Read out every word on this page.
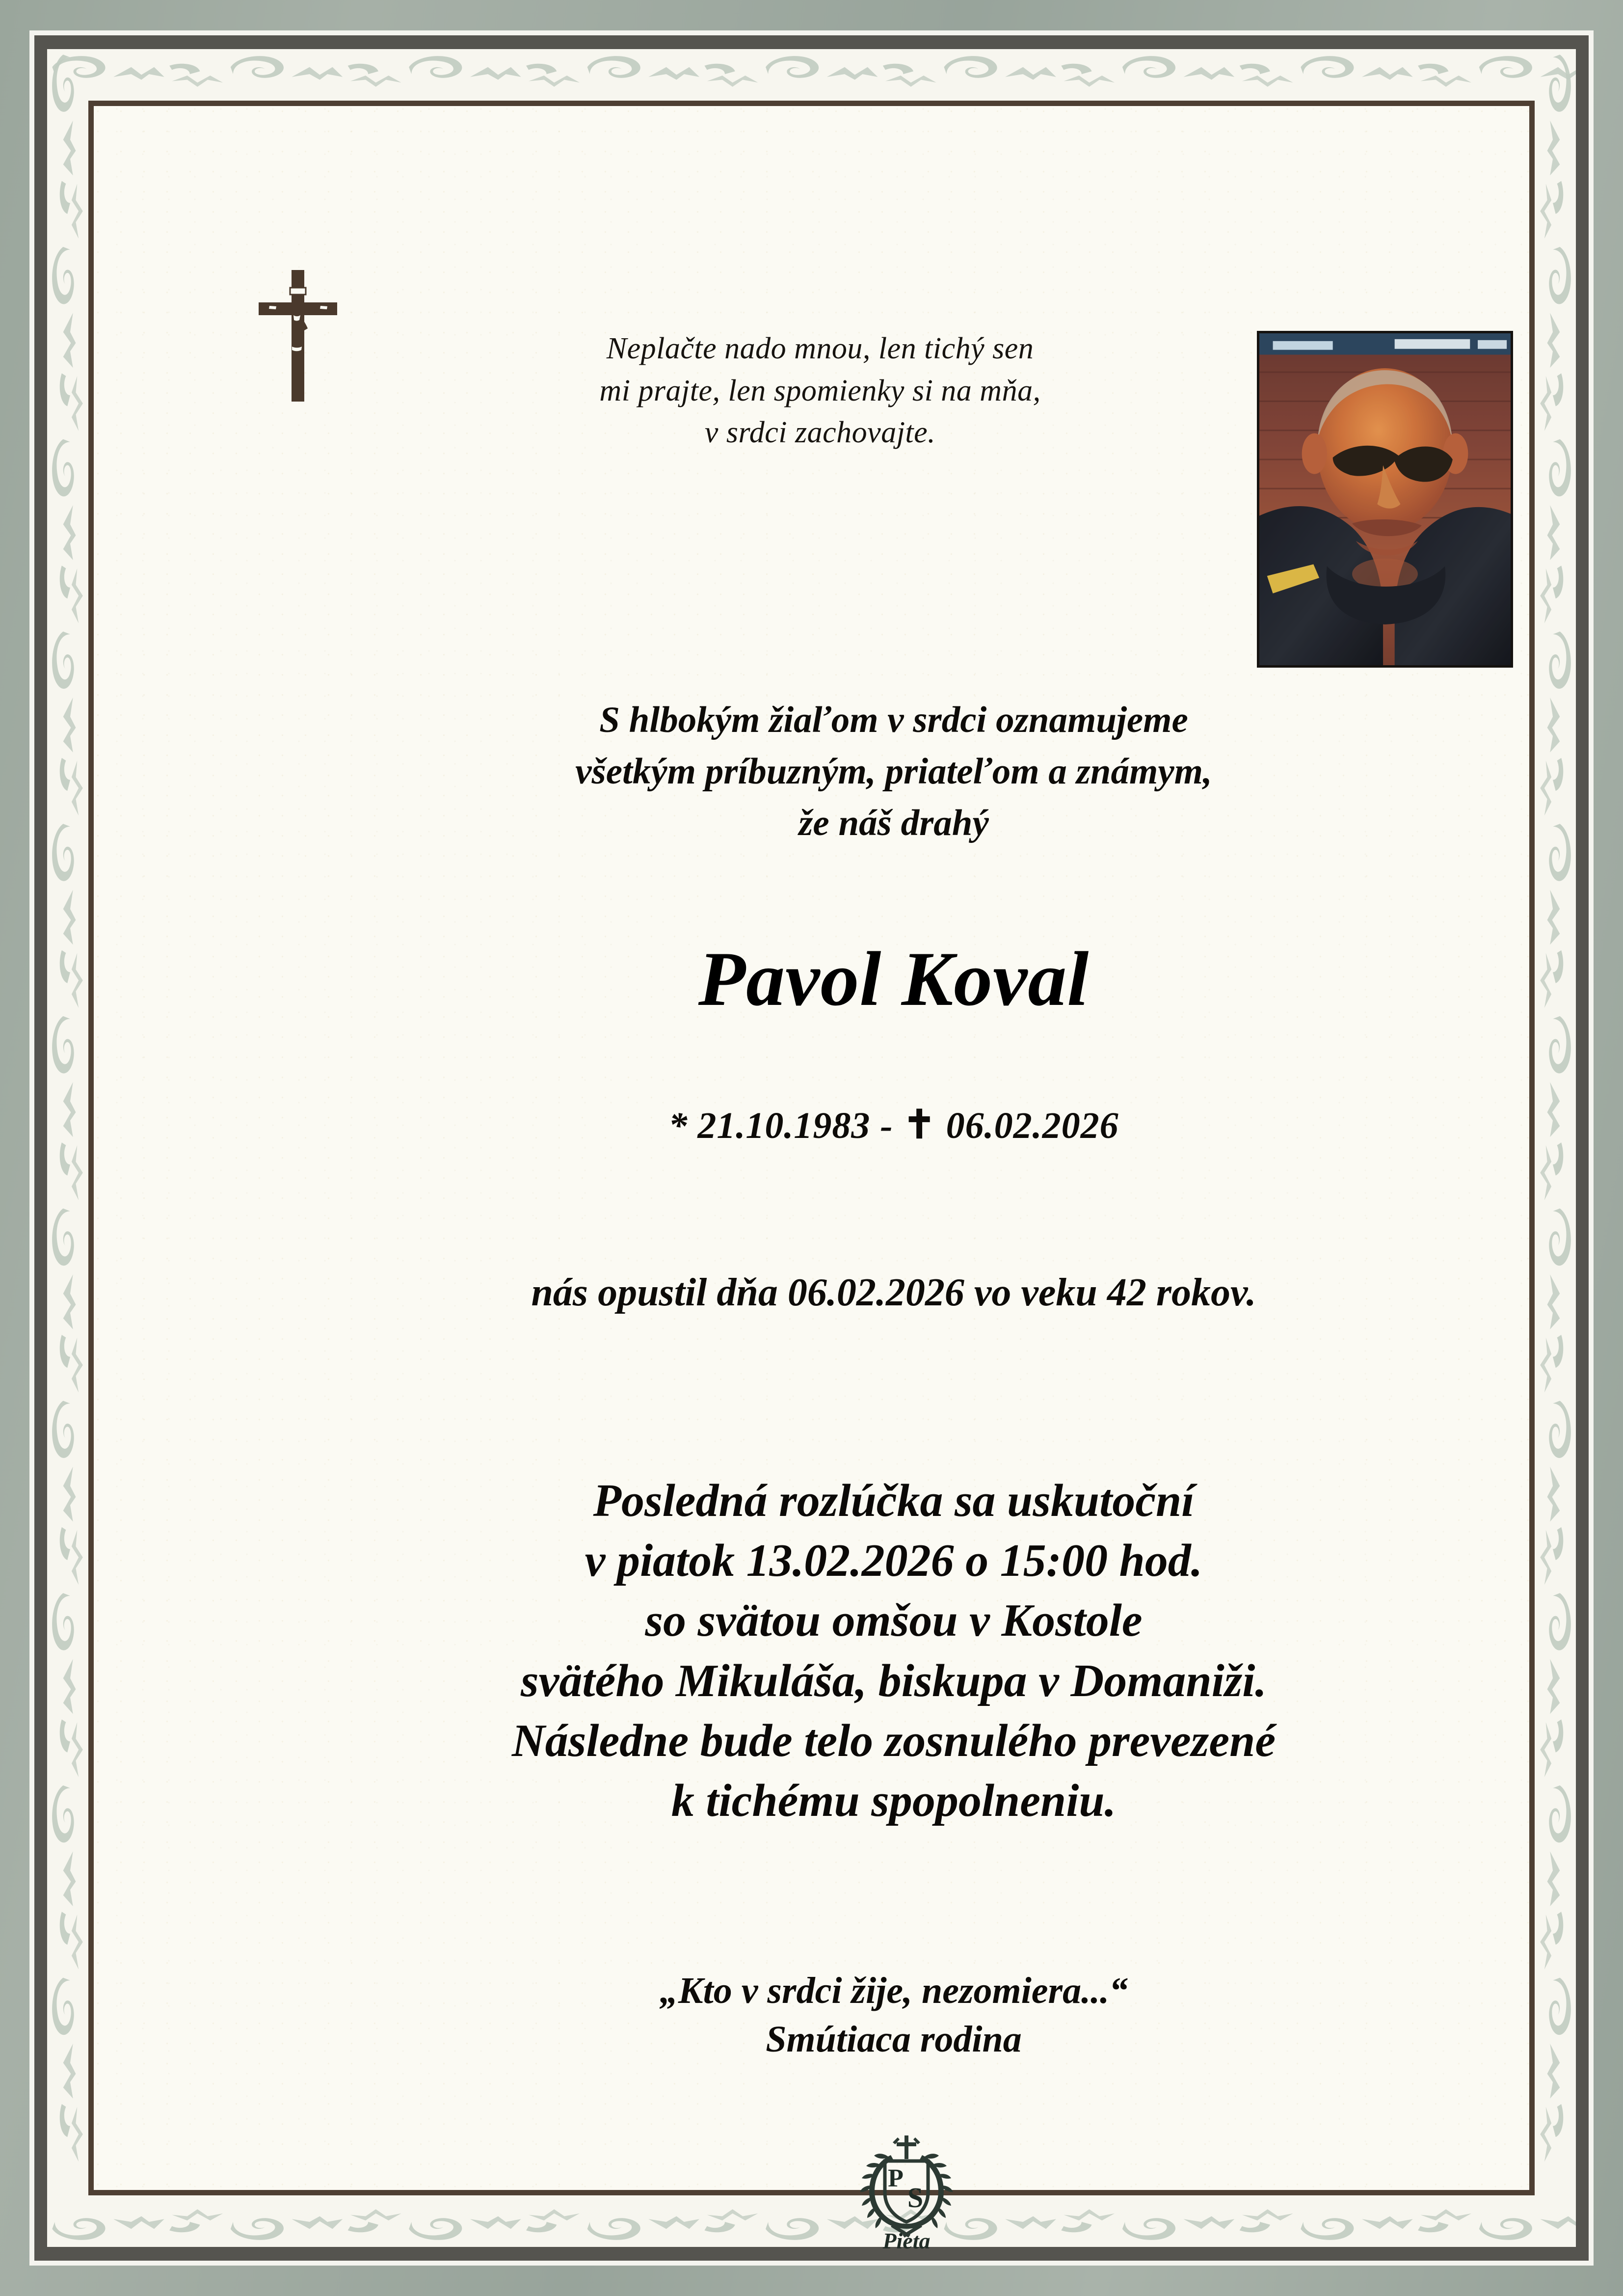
Neplačte nado mnou, len tichý sen
mi prajte, len spomienky si na mňa,
v srdci zachovajte.
S hlbokým žiaľom v srdci oznamujeme
všetkým príbuzným, priateľom a známym,
že náš drahý
Pavol Koval
* 21.10.1983 - ✝ 06.02.2026
nás opustil dňa 06.02.2026 vo veku 42 rokov.
Posledná rozlúčka sa uskutoční
v piatok 13.02.2026 o 15:00 hod.
so svätou omšou v Kostole
svätého Mikuláša, biskupa v Domaniži.
Následne bude telo zosnulého prevezené
k tichému spopolneniu.
„Kto v srdci žije, nezomiera...“
Smútiaca rodina
P
S
Pieta
